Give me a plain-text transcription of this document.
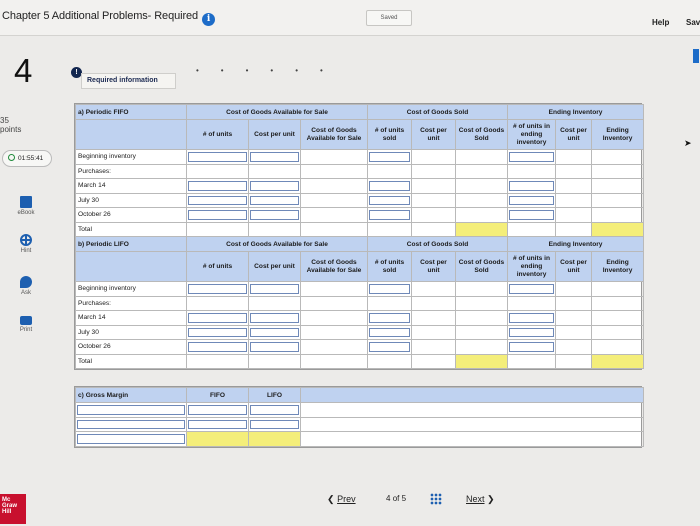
Chapter 5 Additional Problems- Required i	Saved	Help Sav
4
35
points
01:55:41
eBook
Hint
Ask
Print
➤
!
Required information
••••••
a) Periodic FIFO	Cost of Goods Available for Sale			Cost of Goods Sold			Ending Inventory		
	# of units	Cost per unit	Cost of Goods Available for Sale	# of units sold	Cost per unit	Cost of Goods Sold	# of units in ending inventory	Cost per unit	Ending Inventory
Beginning inventory									
Purchases:									
March 14									
July 30									
October 26									
Total									
b) Periodic LIFO	Cost of Goods Available for Sale			Cost of Goods Sold			Ending Inventory		
	# of units	Cost per unit	Cost of Goods Available for Sale	# of units sold	Cost per unit	Cost of Goods Sold	# of units in ending inventory	Cost per unit	Ending Inventory
Beginning inventory									
Purchases:									
March 14									
July 30									
October 26									
Total									
c) Gross Margin	FIFO	LIFO	

Mc Graw Hill
❮ Prev	4 of 5	Next ❯
